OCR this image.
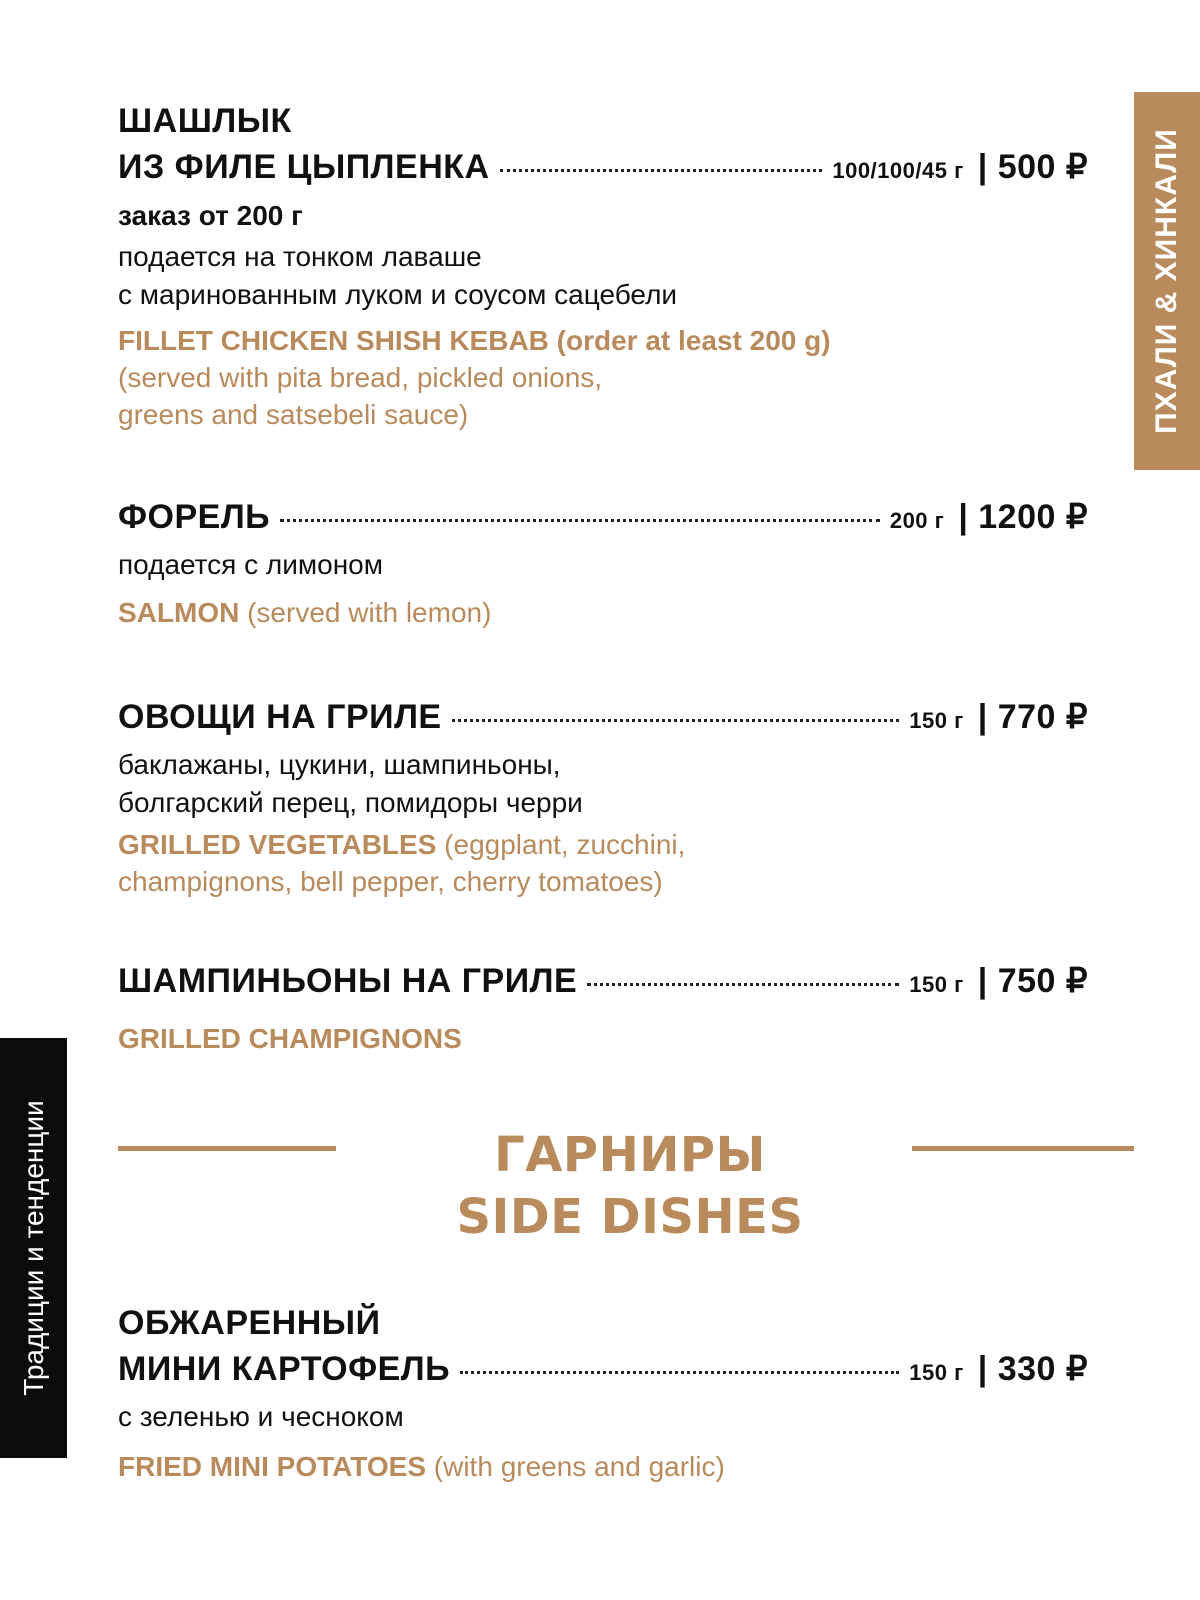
ПХАЛИ & ХИНКАЛИ
Традиции и тенденции
ШАШЛЫК
ИЗ ФИЛЕ ЦЫПЛЕНКА	100/100/45 г | 500 ₽
заказ от 200 г
подается на тонком лаваше
с маринованным луком и соусом сацебели
FILLET CHICKEN SHISH KEBAB (order at least 200 g)
(served with pita bread, pickled onions,
greens and satsebeli sauce)
ФОРЕЛЬ	200 г | 1200 ₽
подается с лимоном
SALMON (served with lemon)
ОВОЩИ НА ГРИЛЕ	150 г | 770 ₽
баклажаны, цукини, шампиньоны,
болгарский перец, помидоры черри
GRILLED VEGETABLES (eggplant, zucchini,
champignons, bell pepper, cherry tomatoes)
ШАМПИНЬОНЫ НА ГРИЛЕ	150 г | 750 ₽
GRILLED CHAMPIGNONS
ГАРНИРЫ
SIDE DISHES
ОБЖАРЕННЫЙ
МИНИ КАРТОФЕЛЬ	150 г | 330 ₽
с зеленью и чесноком
FRIED MINI POTATOES (with greens and garlic)
